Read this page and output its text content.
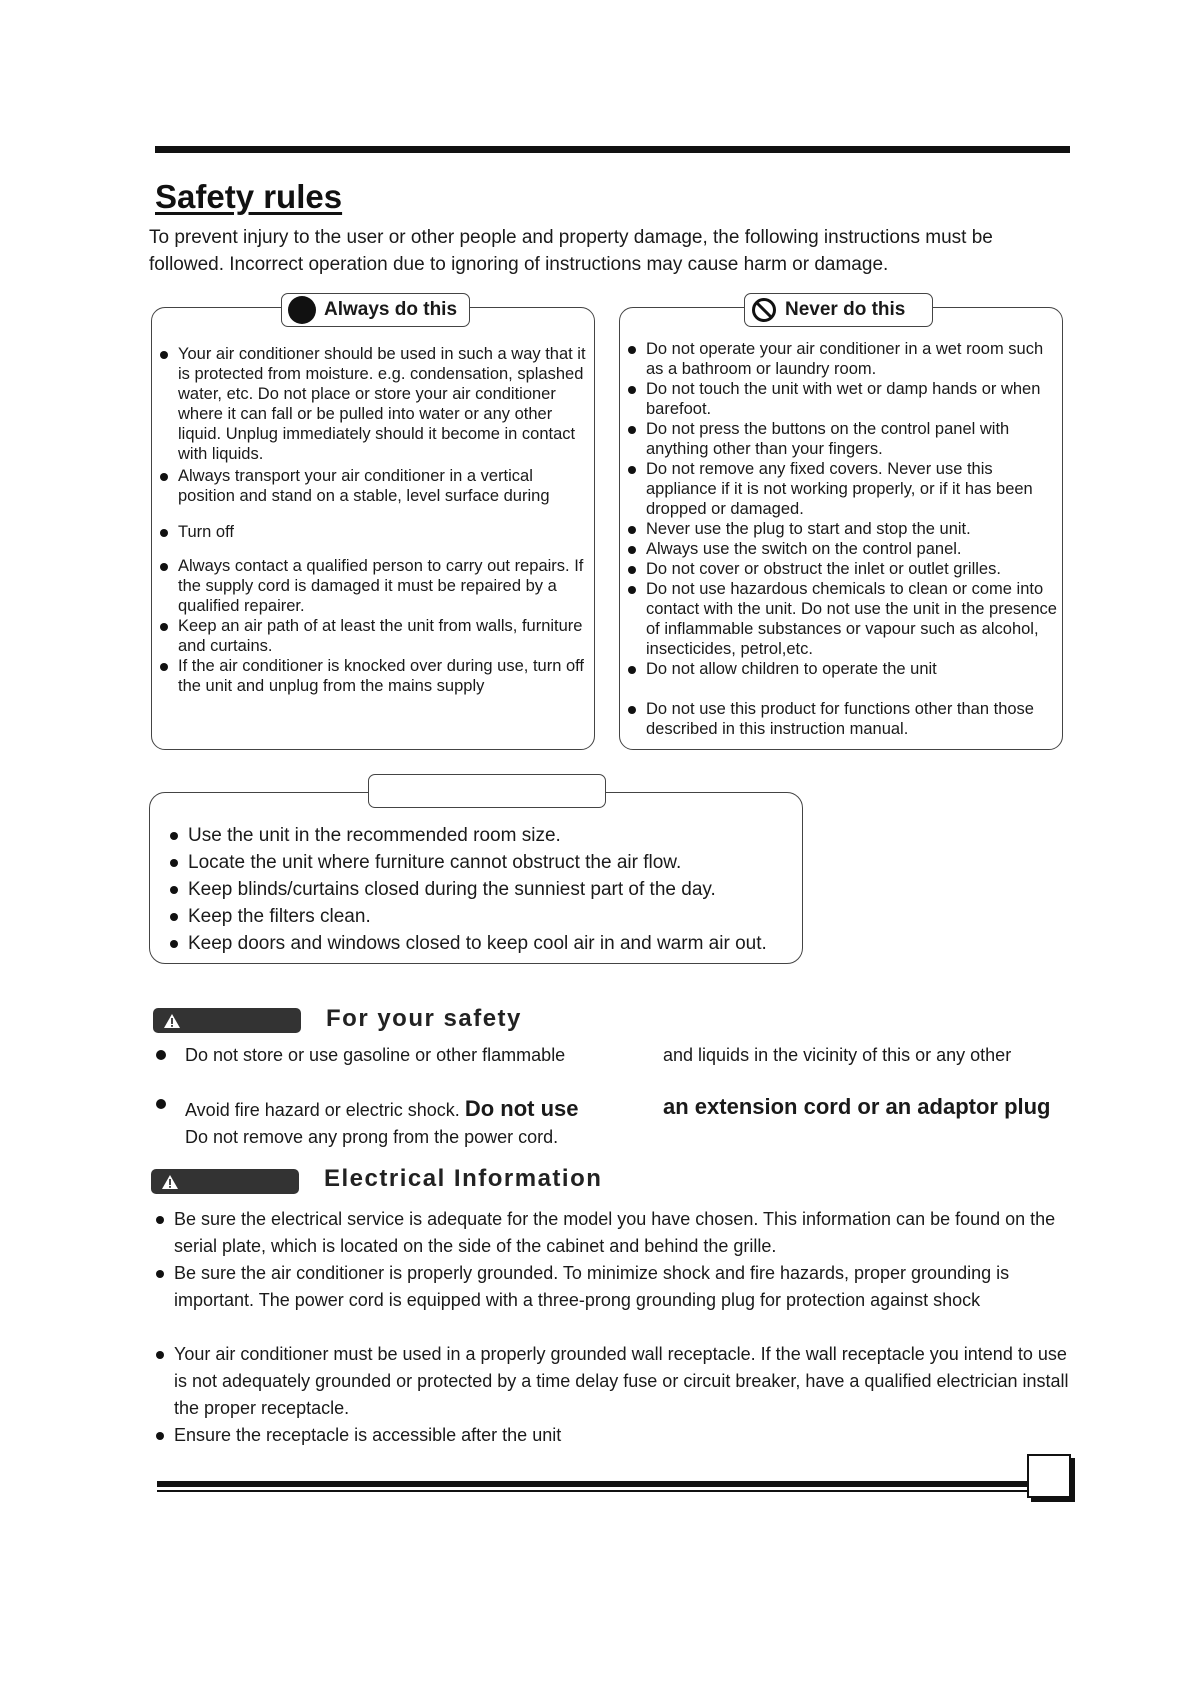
Safety rules

To prevent injury to the user or other people and property damage, the following instructions must be

followed. Incorrect operation due to ignoring of instructions may cause harm or damage.

Always do this
Your air conditioner should be used in such a way that it is protected from moisture. e.g. condensation, splashed water, etc. Do not place or store your air conditioner where it can fall or be pulled into water or any other liquid. Unplug immediately should it become in contact with liquids.
Always transport your air conditioner in a vertical position and stand on a stable, level surface during
Turn off
Always contact a qualified person to carry out repairs. If the supply cord is damaged it must be repaired by a qualified repairer.
Keep an air path of at least the unit from walls, furniture and curtains.
If the air conditioner is knocked over during use, turn off the unit and unplug from the mains supply
Never do this
Do not operate your air conditioner in a wet room such as a bathroom or laundry room.
Do not touch the unit with wet or damp hands or when barefoot.
Do not press the buttons on the control panel with anything other than your fingers.
Do not remove any fixed covers. Never use this appliance if it is not working properly, or if it has been dropped or damaged.
Never use the plug to start and stop the unit.
Always use the switch on the control panel.
Do not cover or obstruct the inlet or outlet grilles.
Do not use hazardous chemicals to clean or come into contact with the unit. Do not use the unit in the presence of inflammable substances or vapour such as alcohol, insecticides, petrol,etc.
Do not allow children to operate the unit
Do not use this product for functions other than those described in this instruction manual.
Use the unit in the recommended room size.
Locate the unit where furniture cannot obstruct the air flow.
Keep blinds/curtains closed during the sunniest part of the day.
Keep the filters clean.
Keep doors and windows closed to keep cool air in and warm air out.
For your safety
Do not store or use gasoline or other flammable	and liquids in the vicinity of this or any other
Avoid fire hazard or electric shock. Do not use	an extension cord or an adaptor plug
Do not remove any prong from the power cord.
Electrical Information
Be sure the electrical service is adequate for the model you have chosen. This information can be found on the serial plate, which is located on the side of the cabinet and behind the grille.
Be sure the air conditioner is properly grounded. To minimize shock and fire hazards, proper grounding is important. The power cord is equipped with a three-prong grounding plug for protection against shock
Your air conditioner must be used in a properly grounded wall receptacle. If the wall receptacle you intend to use is not adequately grounded or protected by a time delay fuse or circuit breaker, have a qualified electrician install the proper receptacle.
Ensure the receptacle is accessible after the unit
